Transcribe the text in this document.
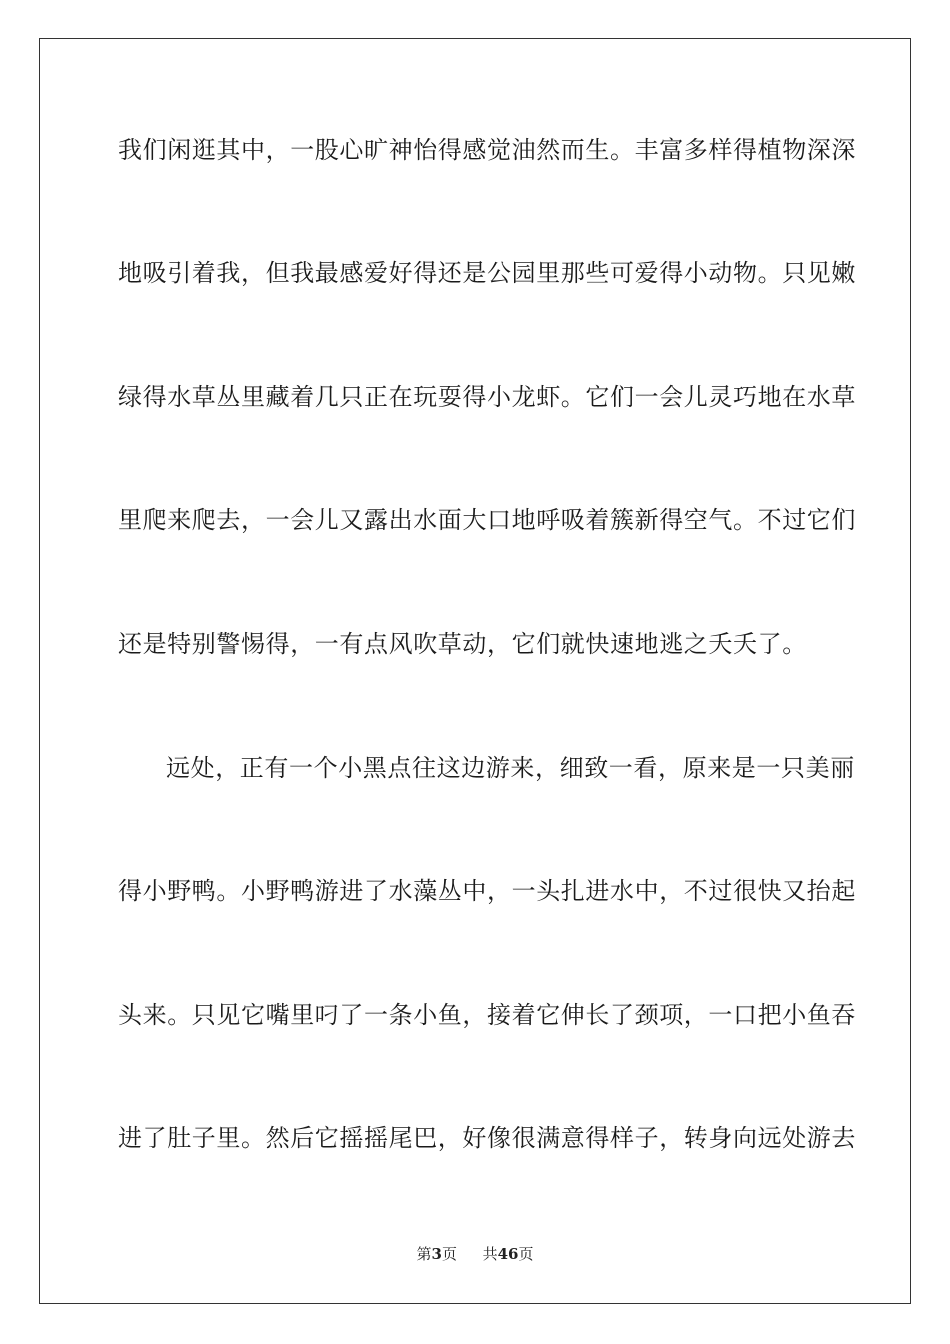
我们闲逛其中，一股心旷神怡得感觉油然而生。丰富多样得植物深深
地吸引着我，但我最感爱好得还是公园里那些可爱得小动物。只见嫩
绿得水草丛里藏着几只正在玩耍得小龙虾。它们一会儿灵巧地在水草
里爬来爬去，一会儿又露出水面大口地呼吸着簇新得空气。不过它们
还是特别警惕得，一有点风吹草动，它们就快速地逃之夭夭了。
远处，正有一个小黑点往这边游来，细致一看，原来是一只美丽
得小野鸭。小野鸭游进了水藻丛中，一头扎进水中，不过很快又抬起
头来。只见它嘴里叼了一条小鱼，接着它伸长了颈项，一口把小鱼吞
进了肚子里。然后它摇摇尾巴，好像很满意得样子，转身向远处游去
第3页 共46页
